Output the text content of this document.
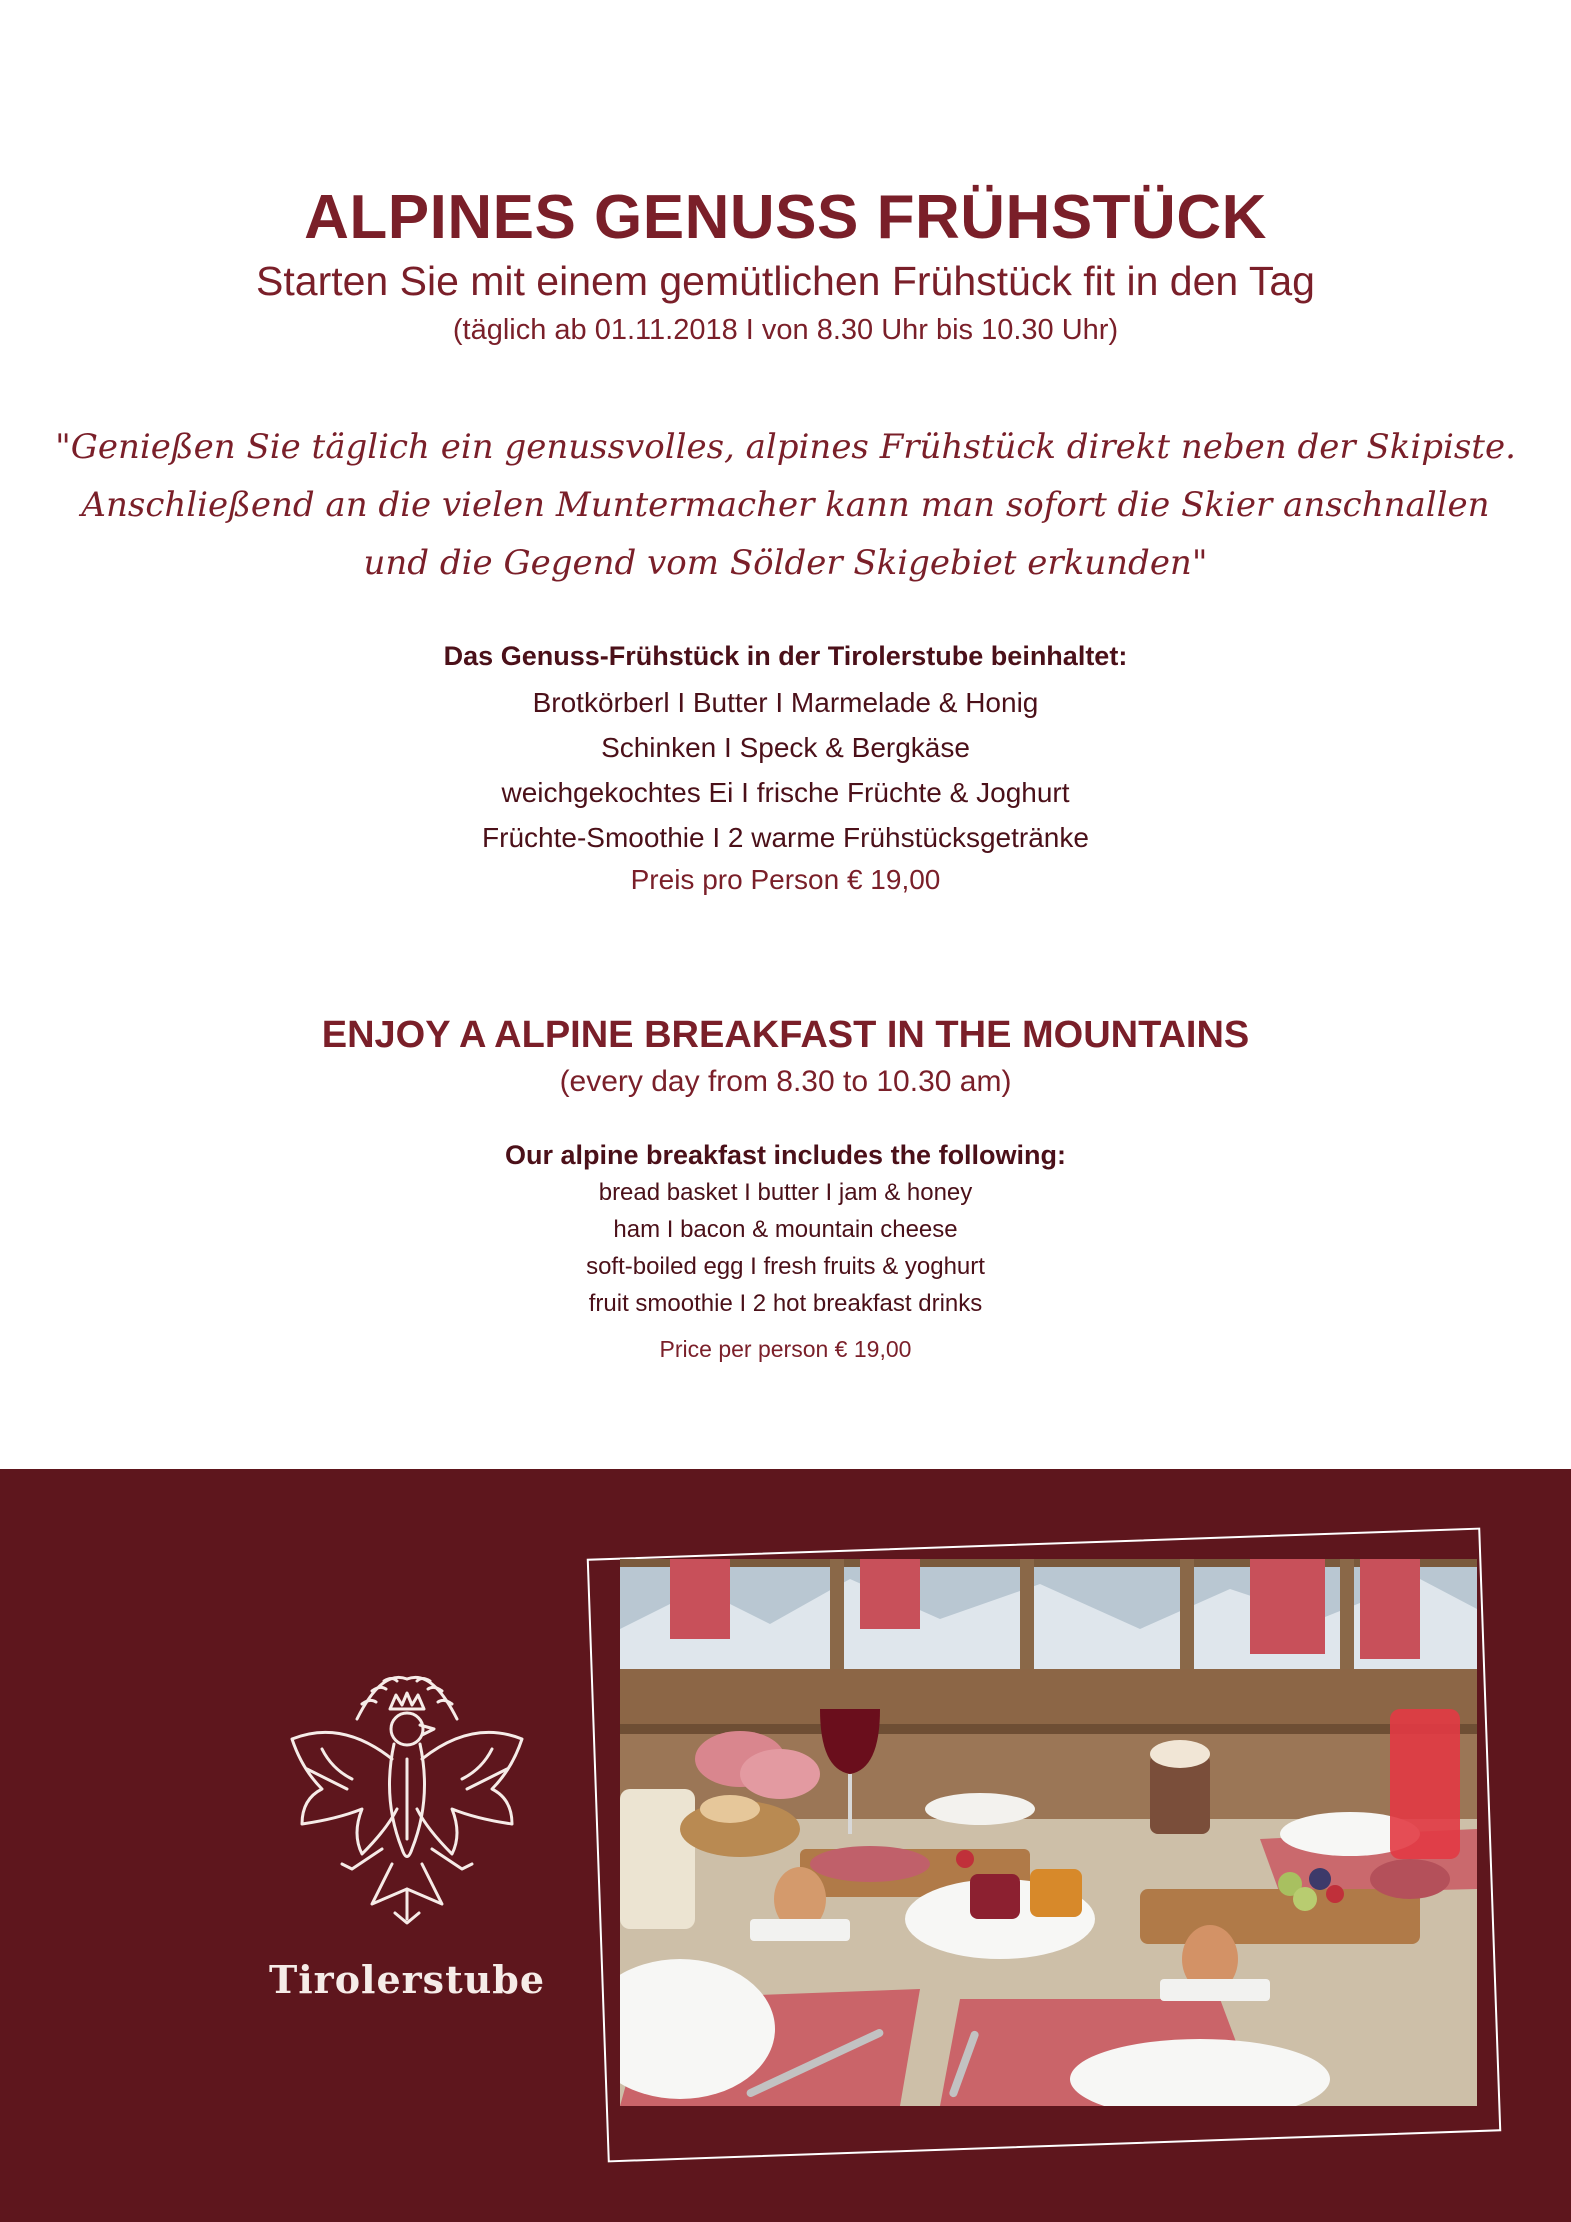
ALPINES GENUSS FRÜHSTÜCK
Starten Sie mit einem gemütlichen Frühstück fit in den Tag
(täglich ab 01.11.2018 I von 8.30 Uhr bis 10.30 Uhr)
"Genießen Sie täglich ein genussvolles, alpines Frühstück direkt neben der Skipiste.
Anschließend an die vielen Muntermacher kann man sofort die Skier anschnallen
und die Gegend vom Sölder Skigebiet erkunden"
Das Genuss-Frühstück in der Tirolerstube beinhaltet:
Brotkörberl I Butter I Marmelade & Honig
Schinken I Speck & Bergkäse
weichgekochtes Ei I frische Früchte & Joghurt
Früchte-Smoothie I 2 warme Frühstücksgetränke
Preis pro Person € 19,00
ENJOY A ALPINE BREAKFAST IN THE MOUNTAINS
(every day from 8.30 to 10.30 am)
Our alpine breakfast includes the following:
bread basket I butter I jam & honey
ham I bacon & mountain cheese
soft-boiled egg I fresh fruits & yoghurt
fruit smoothie I 2 hot breakfast drinks
Price per person € 19,00
Tirolerstube
